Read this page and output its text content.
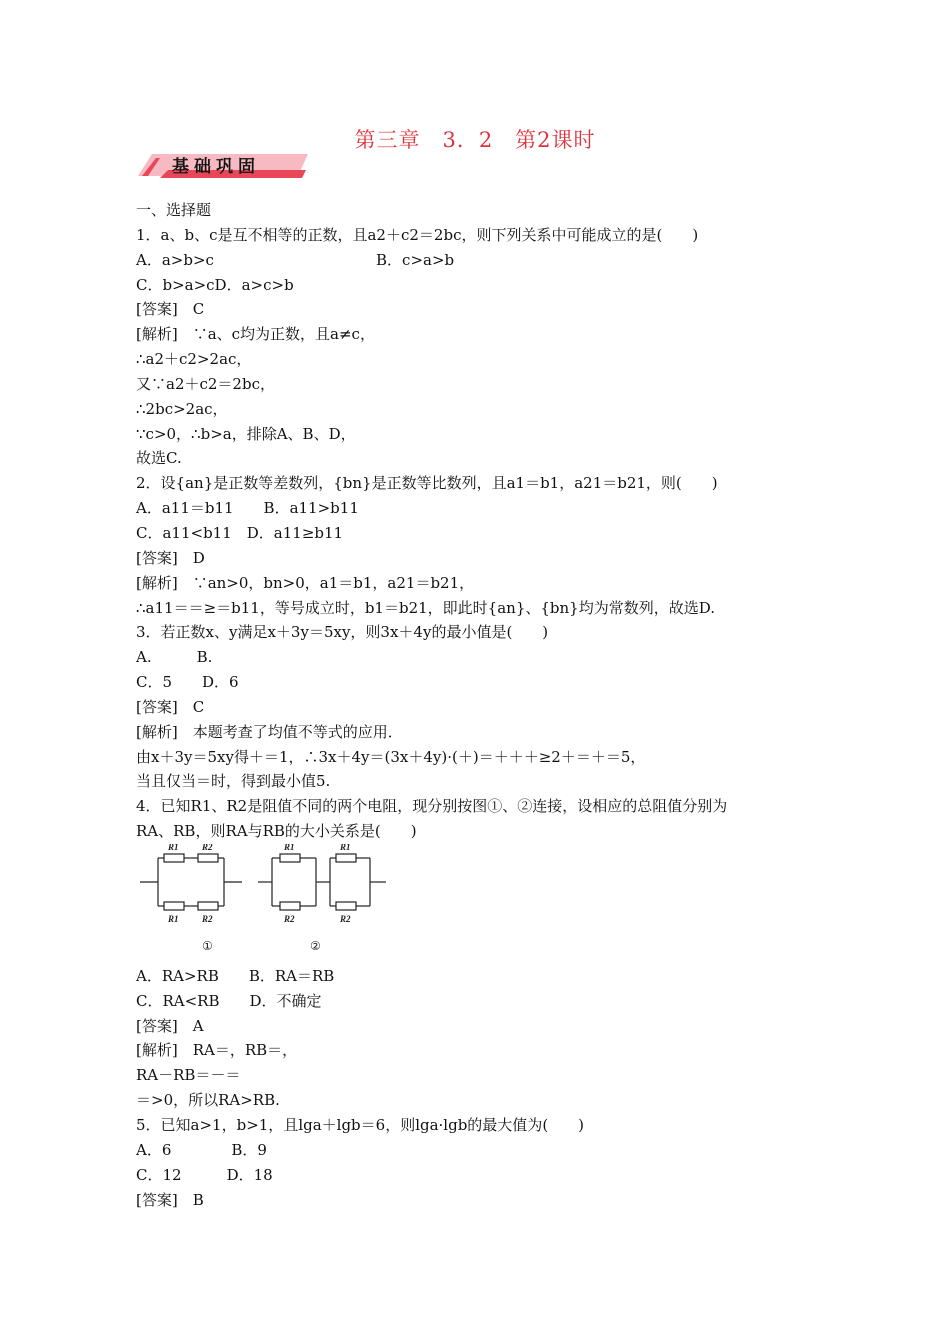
第三章　3．2　第2课时
基础巩固
一、选择题
1．a、b、c是互不相等的正数，且a2＋c2＝2bc，则下列关系中可能成立的是(　　)
A．a>b>c                                  B．c>a>b
C．b>a>cD．a>c>b
[答案]　C
[解析]　∵a、c均为正数，且a≠c，
∴a2＋c2>2ac，
又∵a2＋c2＝2bc，
∴2bc>2ac，
∵c>0，∴b>a，排除A、B、D，
故选C.
2．设{an}是正数等差数列，{bn}是正数等比数列，且a1＝b1，a21＝b21，则(　　)
A．a11＝b11　　B．a11>b11
C．a11<b11　D．a11≥b11
[答案]　D
[解析]　∵an>0，bn>0，a1＝b1，a21＝b21，
∴a11＝＝≥＝b11，等号成立时，b1＝b21，即此时{an}、{bn}均为常数列，故选D.
3．若正数x、y满足x＋3y＝5xy，则3x＋4y的最小值是(　　)
A.　　　B.
C．5　　D．6
[答案]　C
[解析]　本题考查了均值不等式的应用．
由x＋3y＝5xy得＋＝1，∴3x＋4y＝(3x＋4y)·(＋)＝＋＋＋≥2＋＝＋＝5，
当且仅当＝时，得到最小值5.
4．已知R1、R2是阻值不同的两个电阻，现分别按图①、②连接，设相应的总阻值分别为
RA、RB，则RA与RB的大小关系是(　　)
R1	R2
R1	R2
R1	R1
R2	R2
①	②
A．RA>RB　　B．RA＝RB
C．RA<RB　　D．不确定
[答案]　A
[解析]　RA＝，RB＝，
RA－RB＝－＝
＝>0，所以RA>RB.
5．已知a>1，b>1，且lga＋lgb＝6，则lga·lgb的最大值为(　　)
A．6　　　　B．9
C．12　　　D．18
[答案]　B
